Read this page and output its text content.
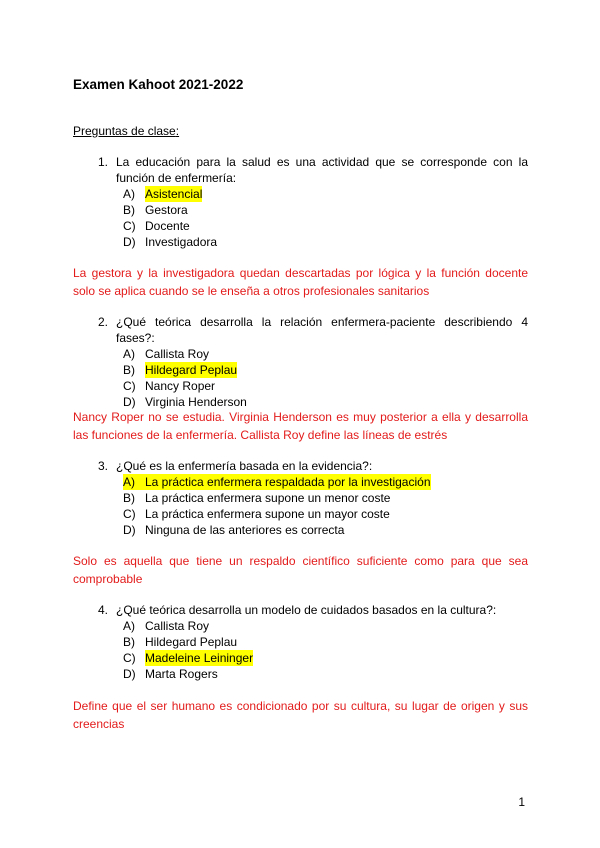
Examen Kahoot 2021-2022
Preguntas de clase:
1. La educación para la salud es una actividad que se corresponde con la función de enfermería:
A) Asistencial
B) Gestora
C) Docente
D) Investigadora
La gestora y la investigadora quedan descartadas por lógica y la función docente solo se aplica cuando se le enseña a otros profesionales sanitarios
2. ¿Qué teórica desarrolla la relación enfermera-paciente describiendo 4 fases?:
A) Callista Roy
B) Hildegard Peplau
C) Nancy Roper
D) Virginia Henderson
Nancy Roper no se estudia. Virginia Henderson es muy posterior a ella y desarrolla las funciones de la enfermería. Callista Roy define las líneas de estrés
3. ¿Qué es la enfermería basada en la evidencia?:
A) La práctica enfermera respaldada por la investigación
B) La práctica enfermera supone un menor coste
C) La práctica enfermera supone un mayor coste
D) Ninguna de las anteriores es correcta
Solo es aquella que tiene un respaldo científico suficiente como para que sea comprobable
4. ¿Qué teórica desarrolla un modelo de cuidados basados en la cultura?:
A) Callista Roy
B) Hildegard Peplau
C) Madeleine Leininger
D) Marta Rogers
Define que el ser humano es condicionado por su cultura, su lugar de origen y sus creencias
1
